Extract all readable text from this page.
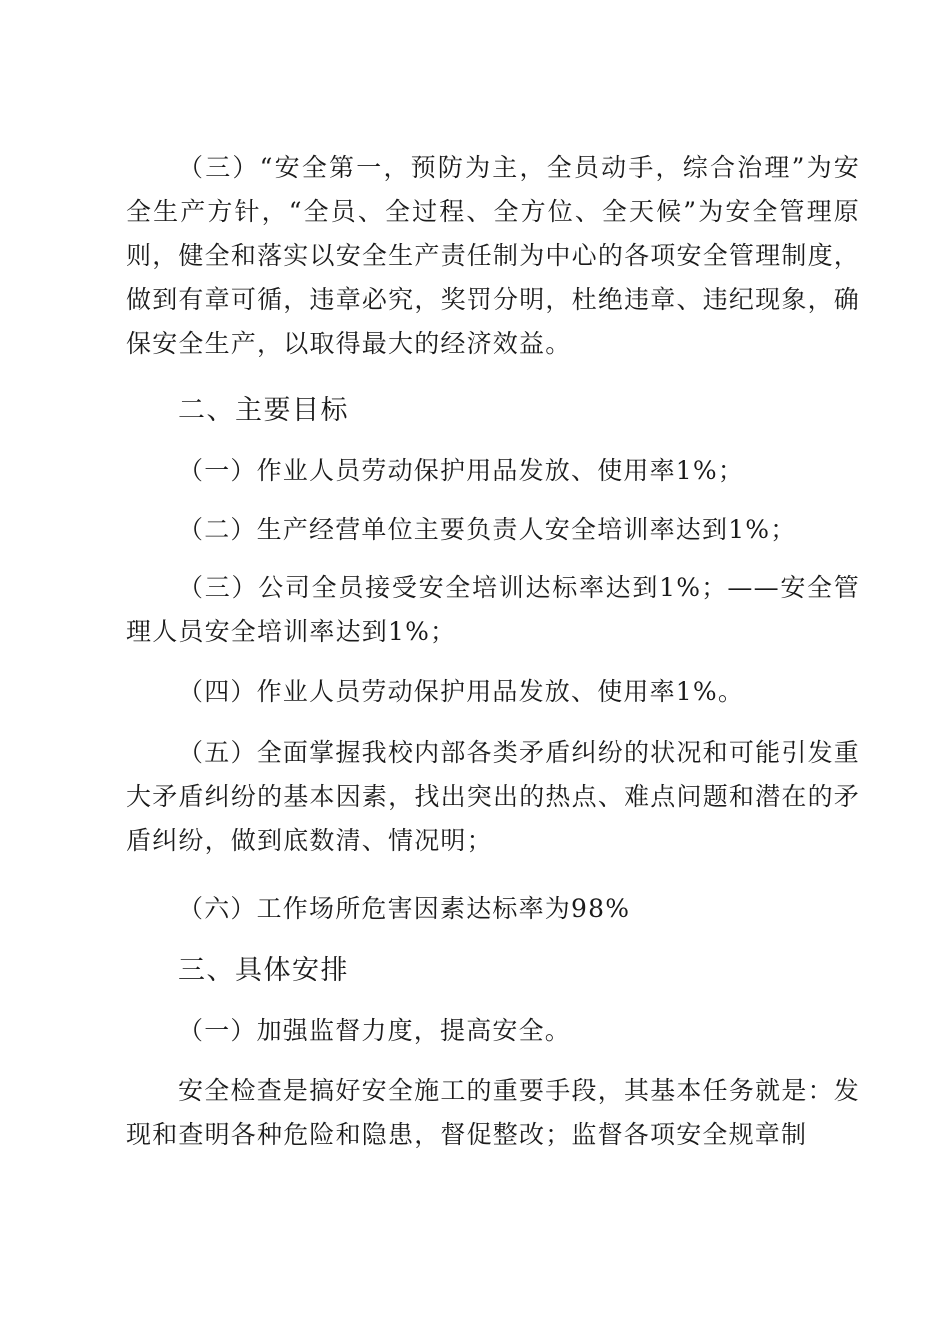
（三）“安全第一，预防为主，全员动手，综合治理”为安全生产方针，“全员、全过程、全方位、全天候”为安全管理原则，健全和落实以安全生产责任制为中心的各项安全管理制度，做到有章可循，违章必究，奖罚分明，杜绝违章、违纪现象，确保安全生产，以取得最大的经济效益。

二、主要目标

（一）作业人员劳动保护用品发放、使用率1%；

（二）生产经营单位主要负责人安全培训率达到1%；

（三）公司全员接受安全培训达标率达到1%；——安全管理人员安全培训率达到1%；

（四）作业人员劳动保护用品发放、使用率1%。

（五）全面掌握我校内部各类矛盾纠纷的状况和可能引发重大矛盾纠纷的基本因素，找出突出的热点、难点问题和潜在的矛盾纠纷，做到底数清、情况明；

（六）工作场所危害因素达标率为98%

三、具体安排

（一）加强监督力度，提高安全。

安全检查是搞好安全施工的重要手段，其基本任务就是：发现和查明各种危险和隐患，督促整改；监督各项安全规章制
